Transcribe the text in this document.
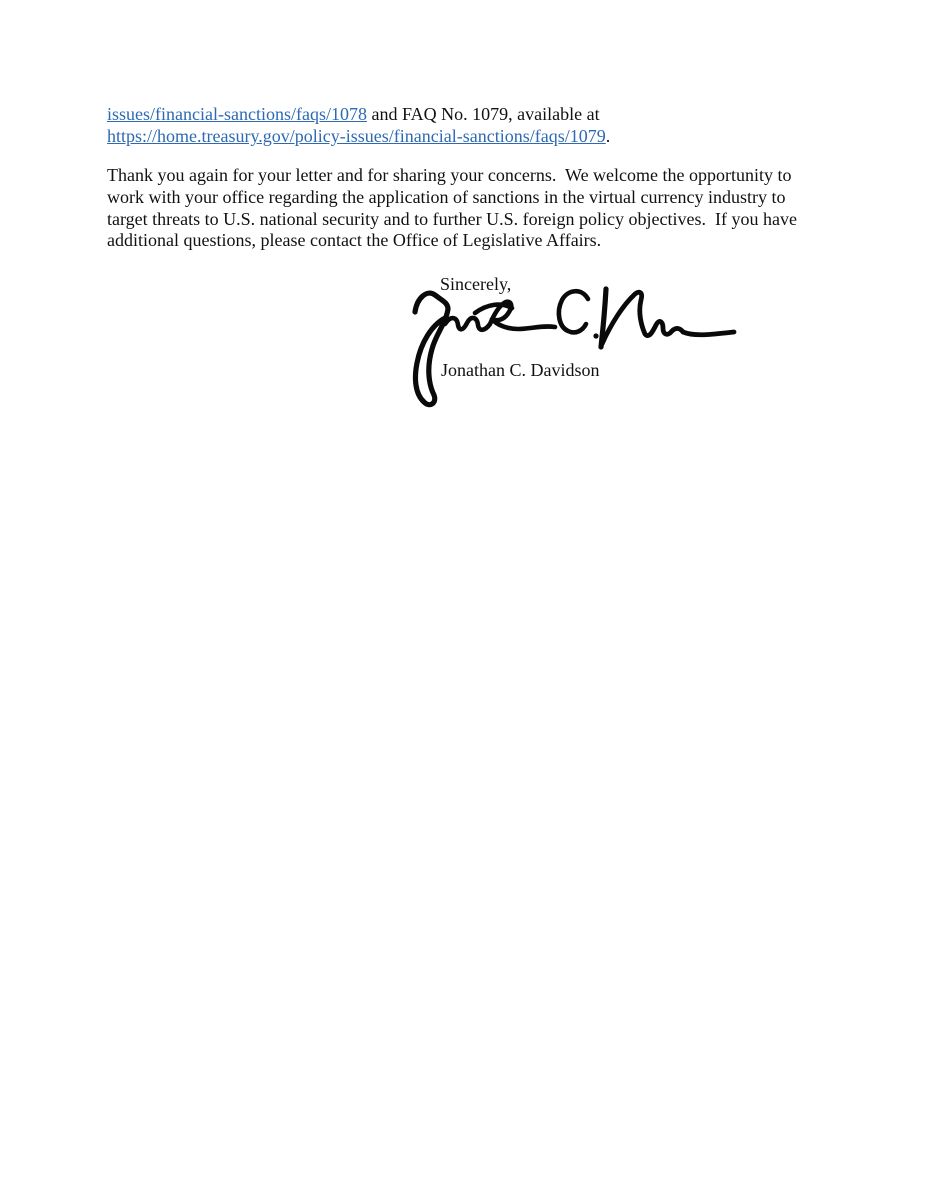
issues/financial-sanctions/faqs/1078 and FAQ No. 1079, available at
https://home.treasury.gov/policy-issues/financial-sanctions/faqs/1079.
Thank you again for your letter and for sharing your concerns.  We welcome the opportunity to
work with your office regarding the application of sanctions in the virtual currency industry to
target threats to U.S. national security and to further U.S. foreign policy objectives.  If you have
additional questions, please contact the Office of Legislative Affairs.
Sincerely,
Jonathan C. Davidson
